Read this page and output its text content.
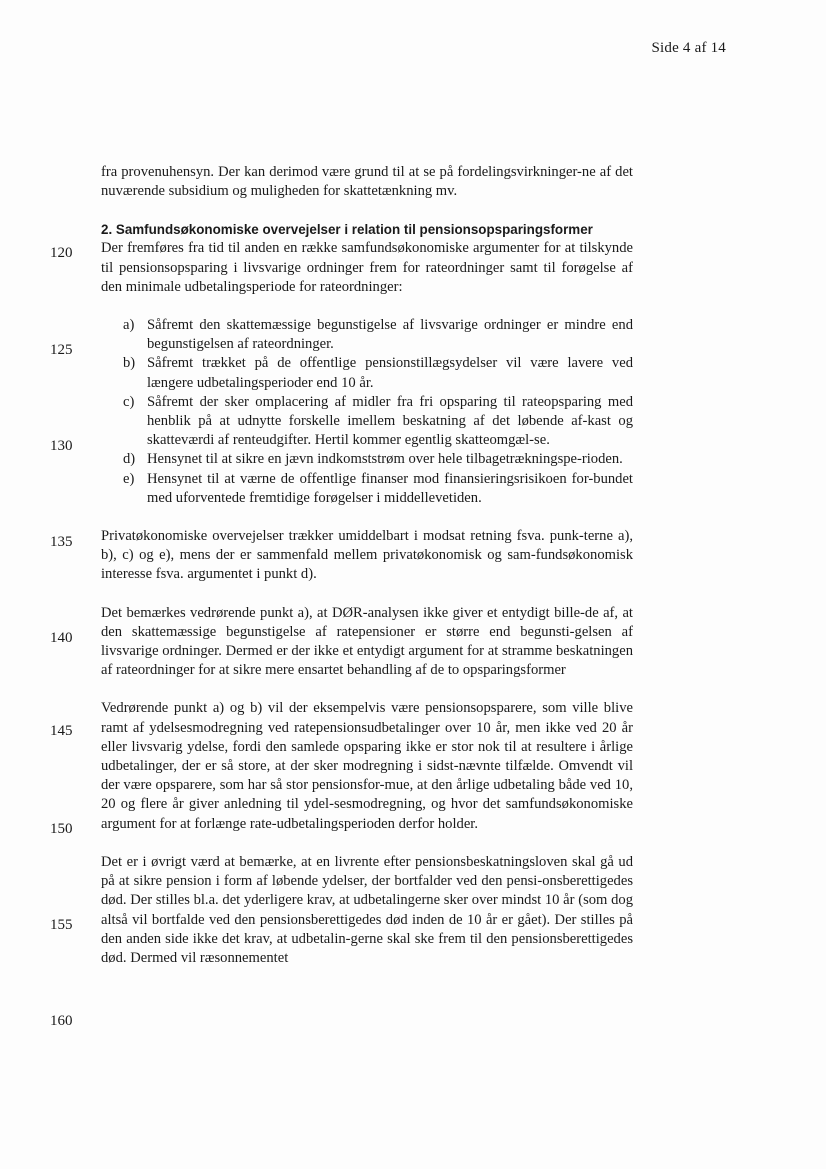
Side 4 af 14
120
125
130
135
140
145
150
155
160

fra provenuhensyn. Der kan derimod være grund til at se på fordelingsvirkninger-ne af det nuværende subsidium og muligheden for skattetænkning mv.

2. Samfundsøkonomiske overvejelser i relation til pensionsopsparingsformer

Der fremføres fra tid til anden en række samfundsøkonomiske argumenter for at tilskynde til pensionsopsparing i livsvarige ordninger frem for rateordninger samt til forøgelse af den minimale udbetalingsperiode for rateordninger:

a) Såfremt den skattemæssige begunstigelse af livsvarige ordninger er mindre end begunstigelsen af rateordninger.
b) Såfremt trækket på de offentlige pensionstillægsydelser vil være lavere ved længere udbetalingsperioder end 10 år.
c) Såfremt der sker omplacering af midler fra fri opsparing til rateopsparing med henblik på at udnytte forskelle imellem beskatning af det løbende af-kast og skatteværdi af renteudgifter. Hertil kommer egentlig skatteomgæl-se.
d) Hensynet til at sikre en jævn indkomststrøm over hele tilbagetrækningspe-rioden.
e) Hensynet til at værne de offentlige finanser mod finansieringsrisikoen for-bundet med uforventede fremtidige forøgelser i middellevetiden.

Privatøkonomiske overvejelser trækker umiddelbart i modsat retning fsva. punk-terne a), b), c) og e), mens der er sammenfald mellem privatøkonomisk og sam-fundsøkonomisk interesse fsva. argumentet i punkt d).

Det bemærkes vedrørende punkt a), at DØR-analysen ikke giver et entydigt bille-de af, at den skattemæssige begunstigelse af ratepensioner er større end begunsti-gelsen af livsvarige ordninger. Dermed er der ikke et entydigt argument for at stramme beskatningen af rateordninger for at sikre mere ensartet behandling af de to opsparingsformer

Vedrørende punkt a) og b) vil der eksempelvis være pensionsopsparere, som ville blive ramt af ydelsesmodregning ved ratepensionsudbetalinger over 10 år, men ikke ved 20 år eller livsvarig ydelse, fordi den samlede opsparing ikke er stor nok til at resultere i årlige udbetalinger, der er så store, at der sker modregning i sidst-nævnte tilfælde. Omvendt vil der være opsparere, som har så stor pensionsfor-mue, at den årlige udbetaling både ved 10, 20 og flere år giver anledning til ydel-sesmodregning, og hvor det samfundsøkonomiske argument for at forlænge rate-udbetalingsperioden derfor holder.

Det er i øvrigt værd at bemærke, at en livrente efter pensionsbeskatningsloven skal gå ud på at sikre pension i form af løbende ydelser, der bortfalder ved den pensi-onsberettigedes død. Der stilles bl.a. det yderligere krav, at udbetalingerne sker over mindst 10 år (som dog altså vil bortfalde ved den pensionsberettigedes død inden de 10 år er gået). Der stilles på den anden side ikke det krav, at udbetalin-gerne skal ske frem til den pensionsberettigedes død. Dermed vil ræsonnementet
